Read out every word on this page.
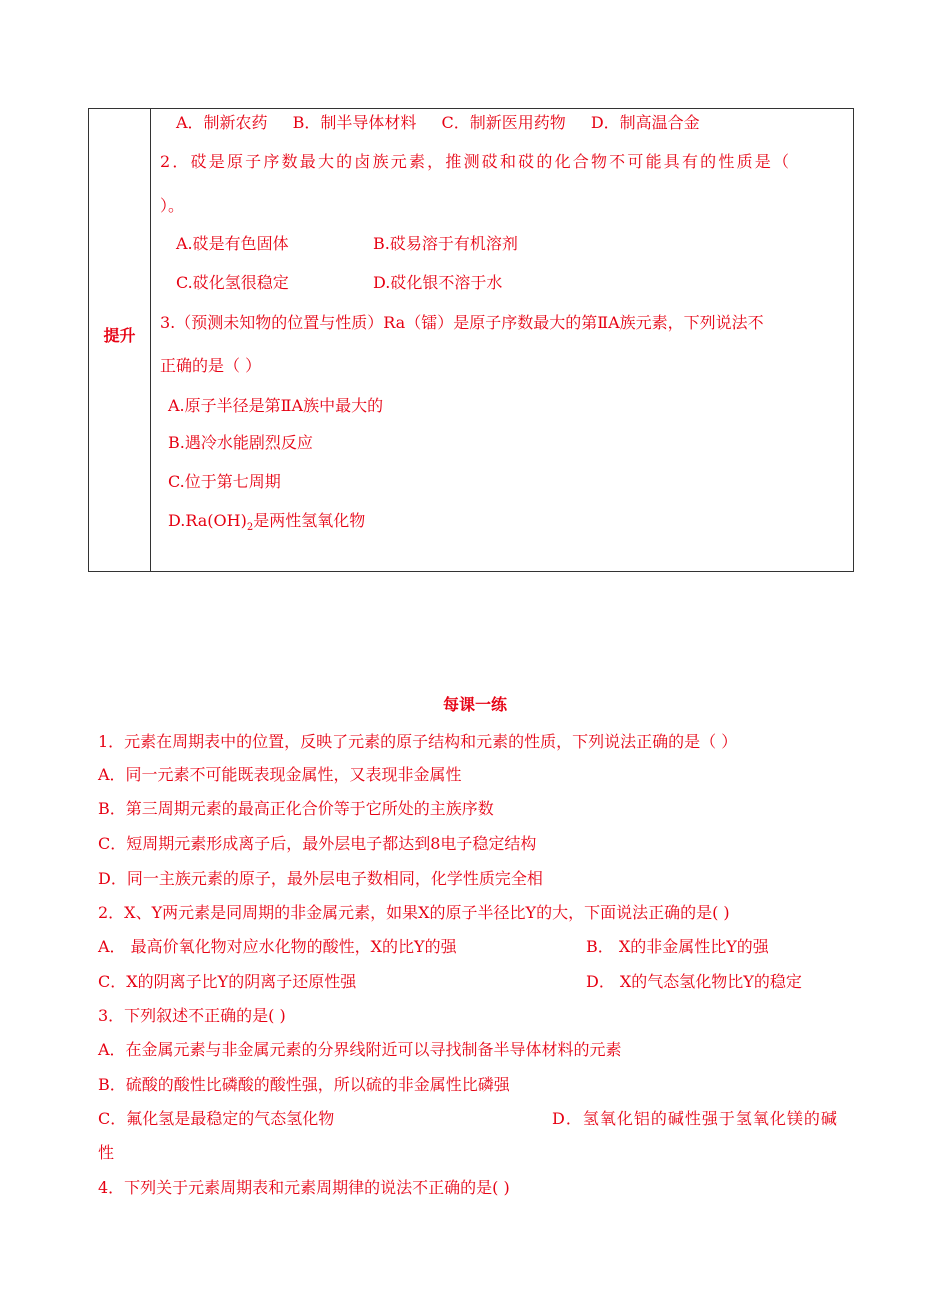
提升
A．制新农药 B．制半导体材料 C．制新医用药物 D．制高温合金
2．砹是原子序数最大的卤族元素，推测砹和砹的化合物不可能具有的性质是（
）。
A.砹是有色固体	B.砹易溶于有机溶剂
C.砹化氢很稳定	D.砹化银不溶于水
3.（预测未知物的位置与性质）Ra（镭）是原子序数最大的第ⅡA族元素，下列说法不
正确的是（ ）
A.原子半径是第ⅡA族中最大的
B.遇冷水能剧烈反应
C.位于第七周期
$D.Ra(OH)_2$是两性氢氧化物
每课一练
1．元素在周期表中的位置，反映了元素的原子结构和元素的性质，下列说法正确的是（ ）
A．同一元素不可能既表现金属性，又表现非金属性
B．第三周期元素的最高正化合价等于它所处的主族序数
C．短周期元素形成离子后，最外层电子都达到8电子稳定结构
D．同一主族元素的原子，最外层电子数相同，化学性质完全相
2．X、Y两元素是同周期的非金属元素，如果X的原子半径比Y的大，下面说法正确的是( )
A． 最高价氧化物对应水化物的酸性，X的比Y的强	B． X的非金属性比Y的强
C．X的阴离子比Y的阴离子还原性强	D． X的气态氢化物比Y的稳定
3．下列叙述不正确的是( )
A．在金属元素与非金属元素的分界线附近可以寻找制备半导体材料的元素
B．硫酸的酸性比磷酸的酸性强，所以硫的非金属性比磷强
C．氟化氢是最稳定的气态氢化物	D．氢氧化铝的碱性强于氢氧化镁的碱
性
4．下列关于元素周期表和元素周期律的说法不正确的是( )
